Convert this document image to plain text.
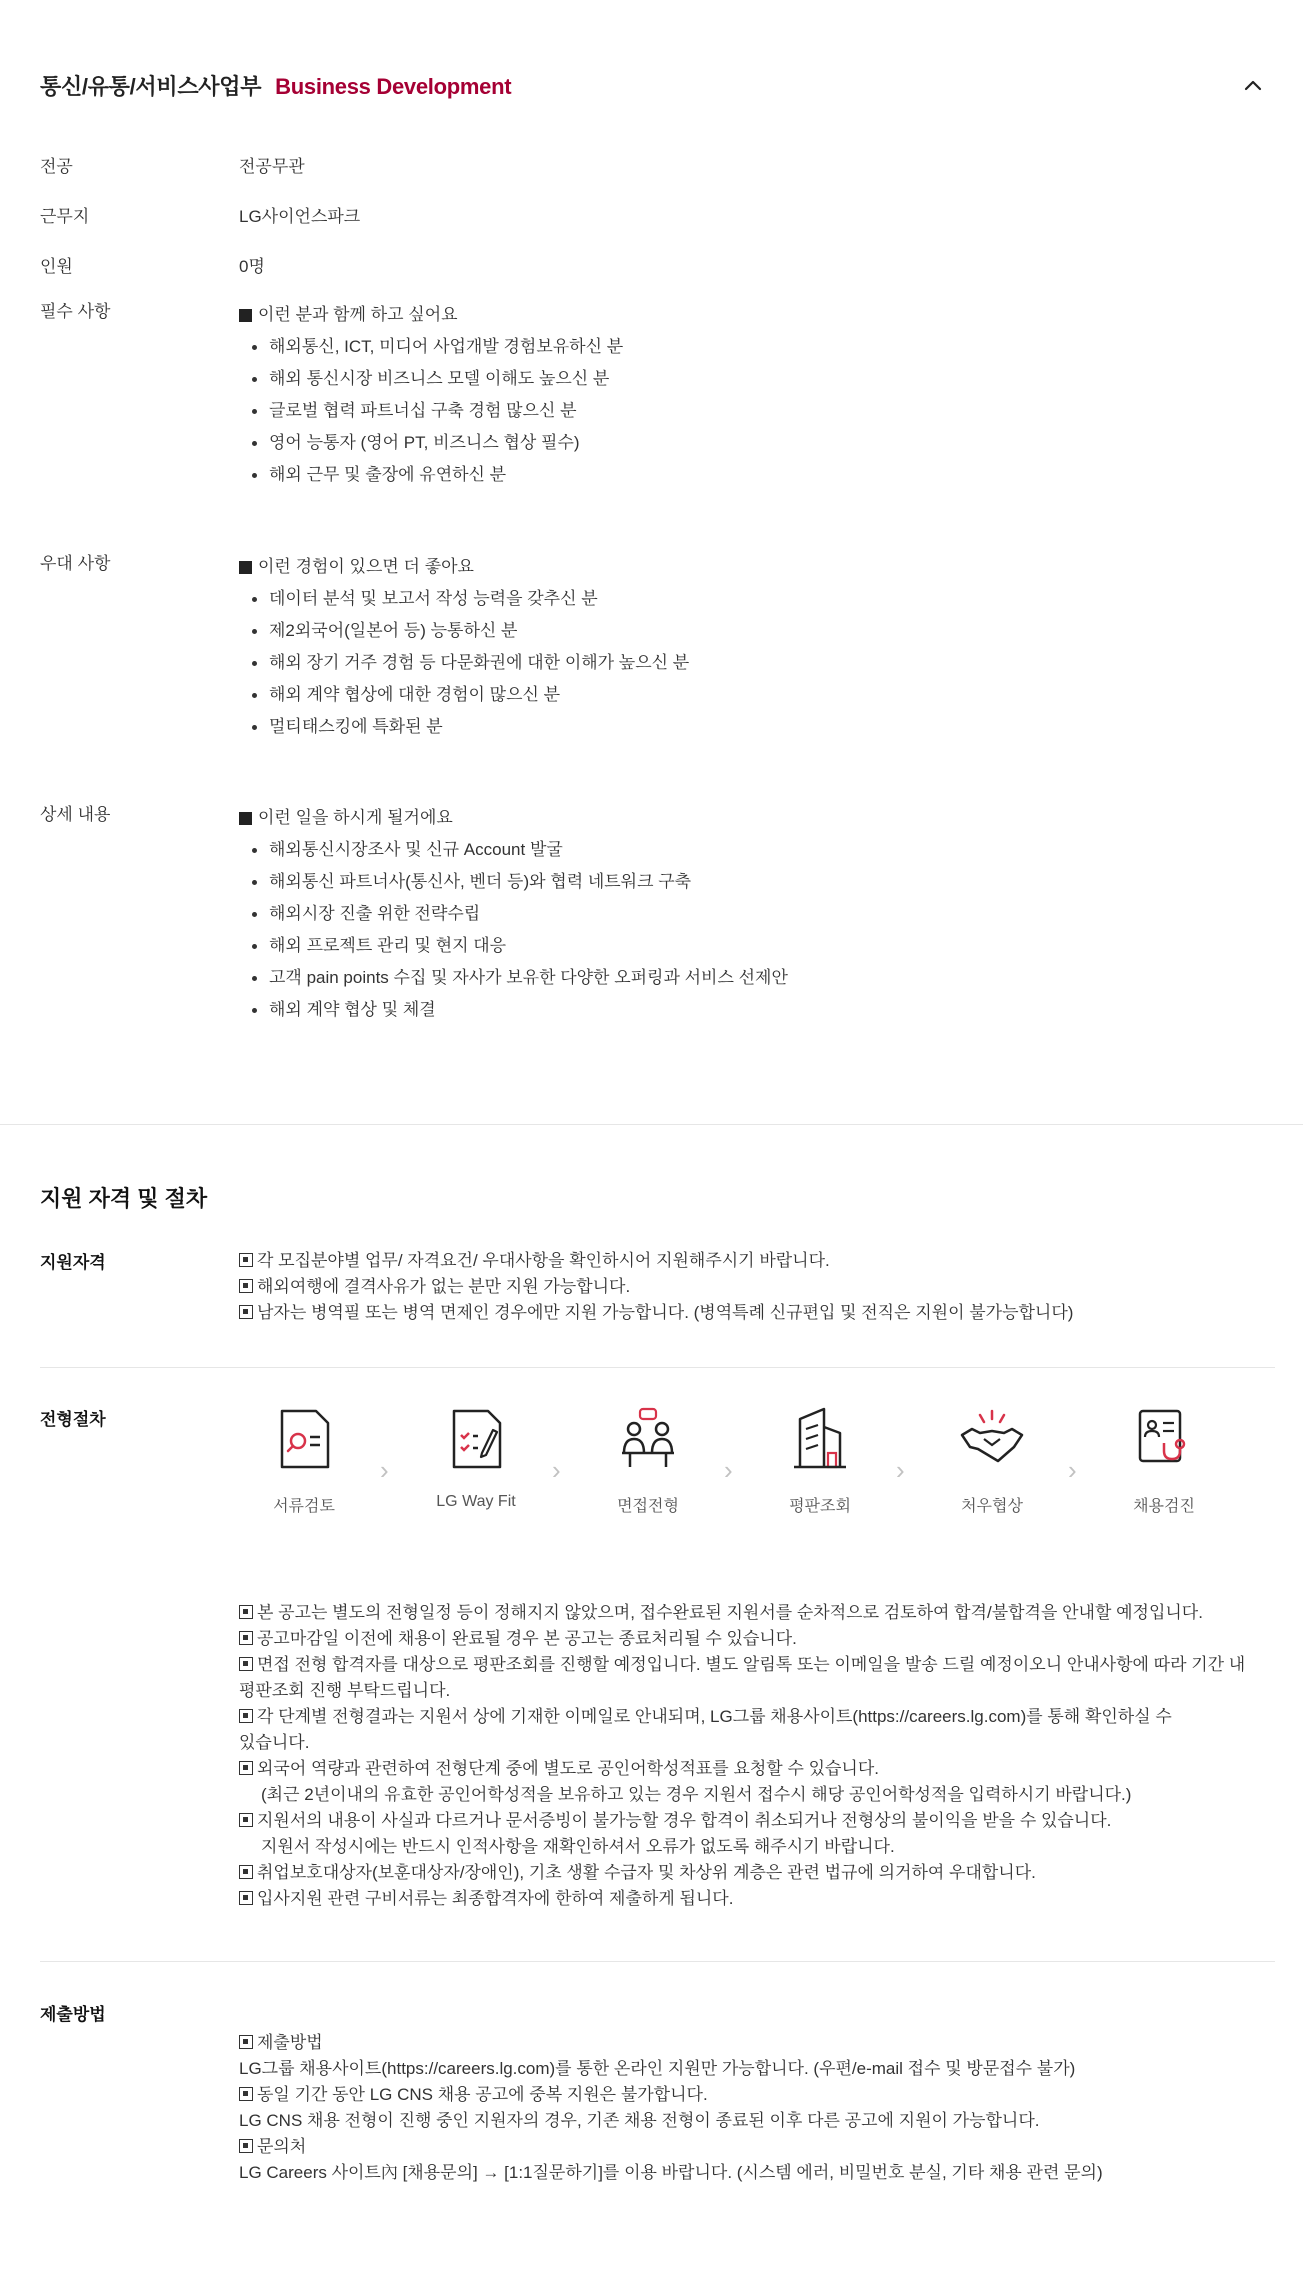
통신/유통/서비스사업부 Business Development
전공	전공무관
근무지	LG사이언스파크
인원	0명
필수 사항	이런 분과 함께 하고 싶어요
해외통신, ICT, 미디어 사업개발 경험보유하신 분
해외 통신시장 비즈니스 모델 이해도 높으신 분
글로벌 협력 파트너십 구축 경험 많으신 분
영어 능통자 (영어 PT, 비즈니스 협상 필수)
해외 근무 및 출장에 유연하신 분
우대 사항	이런 경험이 있으면 더 좋아요
데이터 분석 및 보고서 작성 능력을 갖추신 분
제2외국어(일본어 등) 능통하신 분
해외 장기 거주 경험 등 다문화권에 대한 이해가 높으신 분
해외 계약 협상에 대한 경험이 많으신 분
멀티태스킹에 특화된 분
상세 내용	이런 일을 하시게 될거에요
해외통신시장조사 및 신규 Account 발굴
해외통신 파트너사(통신사, 벤더 등)와 협력 네트워크 구축
해외시장 진출 위한 전략수립
해외 프로젝트 관리 및 현지 대응
고객 pain points 수집 및 자사가 보유한 다양한 오퍼링과 서비스 선제안
해외 계약 협상 및 체결
지원 자격 및 절차
지원자격	각 모집분야별 업무/ 자격요건/ 우대사항을 확인하시어 지원해주시기 바랍니다.
해외여행에 결격사유가 없는 분만 지원 가능합니다.
남자는 병역필 또는 병역 면제인 경우에만 지원 가능합니다. (병역특례 신규편입 및 전직은 지원이 불가능합니다)
전형절차
서류검토
›
LG Way Fit
›
면접전형
›
평판조회
›
처우협상
›
채용검진
본 공고는 별도의 전형일정 등이 정해지지 않았으며, 접수완료된 지원서를 순차적으로 검토하여 합격/불합격을 안내할 예정입니다.
공고마감일 이전에 채용이 완료될 경우 본 공고는 종료처리될 수 있습니다.
면접 전형 합격자를 대상으로 평판조회를 진행할 예정입니다. 별도 알림톡 또는 이메일을 발송 드릴 예정이오니 안내사항에 따라 기간 내
평판조회 진행 부탁드립니다.
각 단계별 전형결과는 지원서 상에 기재한 이메일로 안내되며, LG그룹 채용사이트(https://careers.lg.com)를 통해 확인하실 수
있습니다.
외국어 역량과 관련하여 전형단계 중에 별도로 공인어학성적표를 요청할 수 있습니다.
(최근 2년이내의 유효한 공인어학성적을 보유하고 있는 경우 지원서 접수시 해당 공인어학성적을 입력하시기 바랍니다.)
지원서의 내용이 사실과 다르거나 문서증빙이 불가능할 경우 합격이 취소되거나 전형상의 불이익을 받을 수 있습니다.
지원서 작성시에는 반드시 인적사항을 재확인하셔서 오류가 없도록 해주시기 바랍니다.
취업보호대상자(보훈대상자/장애인), 기초 생활 수급자 및 차상위 계층은 관련 법규에 의거하여 우대합니다.
입사지원 관련 구비서류는 최종합격자에 한하여 제출하게 됩니다.
제출방법
제출방법
LG그룹 채용사이트(https://careers.lg.com)를 통한 온라인 지원만 가능합니다. (우편/e-mail 접수 및 방문접수 불가)
동일 기간 동안 LG CNS 채용 공고에 중복 지원은 불가합니다.
LG CNS 채용 전형이 진행 중인 지원자의 경우, 기존 채용 전형이 종료된 이후 다른 공고에 지원이 가능합니다.
문의처
LG Careers 사이트內 [채용문의] → [1:1질문하기]를 이용 바랍니다. (시스템 에러, 비밀번호 분실, 기타 채용 관련 문의)
